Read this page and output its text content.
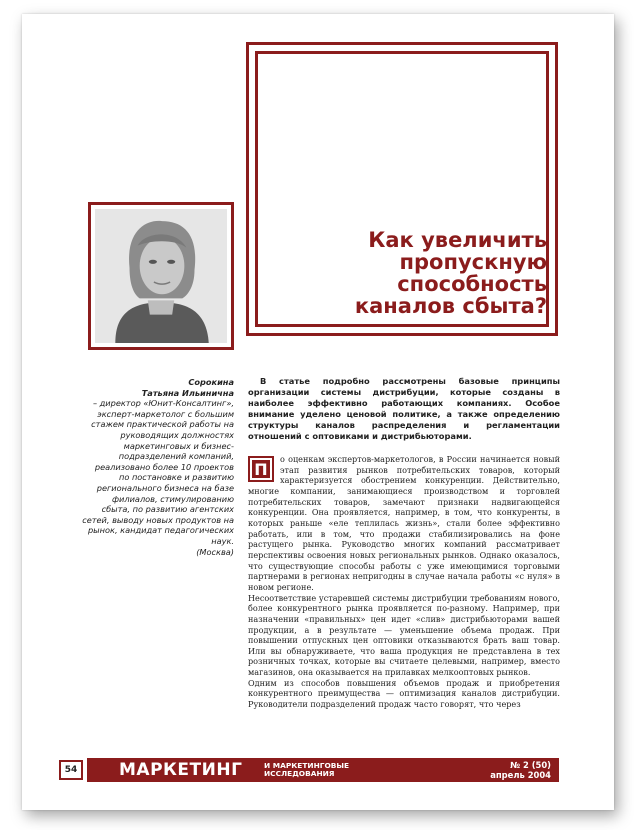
Как увеличить
пропускную
способность
каналов сбыта?
Сорокина
Татьяна Ильинична
– директор «Юнит-Консалтинг», эксперт-маркетолог с большим стажем практической работы на руководящих должностях маркетинговых и бизнес-подразделений компаний, реализовано более 10 проектов по постановке и развитию регионального бизнеса на базе филиалов, стимулированию сбыта, по развитию агентских сетей, выводу новых продуктов на рынок, кандидат педагогических наук.
(Москва)
В статье подробно рассмотрены базовые принципы организации системы дистрибуции, которые созданы в наиболее эффективно работающих компаниях. Особое внимание уделено ценовой политике, а также определению структуры каналов распределения и регламентации отношений с оптовиками и дистрибьюторами.
П

о оценкам экспертов-маркетологов, в России начинается новый этап развития рынков потребительских товаров, который характеризуется обострением конкуренции. Действительно, многие компании, занимающиеся производством и торговлей потребительских товаров, замечают признаки надвигающейся конкуренции. Она проявляется, например, в том, что конкуренты, в которых раньше «еле теплилась жизнь», стали более эффективно работать, или в том, что продажи стабилизировались на фоне растущего рынка. Руководство многих компаний рассматривает перспективы освоения новых региональных рынков. Однако оказалось, что существующие способы работы с уже имеющимися торговыми партнерами в регионах непригодны в случае начала работы «с нуля» в новом регионе.

Несоответствие устаревшей системы дистрибуции требованиям нового, более конкурентного рынка проявляется по-разному. Например, при назначении «правильных» цен идет «слив» дистрибьюторами вашей продукции, а в результате — уменьшение объема продаж. При повышении отпускных цен оптовики отказываются брать ваш товар. Или вы обнаруживаете, что ваша продукция не представлена в тех розничных точках, которые вы считаете целевыми, например, вместо магазинов, она оказывается на прилавках мелкооптовых рынков.

Одним из способов повышения объемов продаж и приобретения конкурентного преимущества — оптимизация каналов дистрибуции. Руководители подразделений продаж часто говорят, что через

54	МАРКЕТИНГ	И МАРКЕТИНГОВЫЕ
ИССЛЕДОВАНИЯ
№ 2 (50)
апрель 2004
